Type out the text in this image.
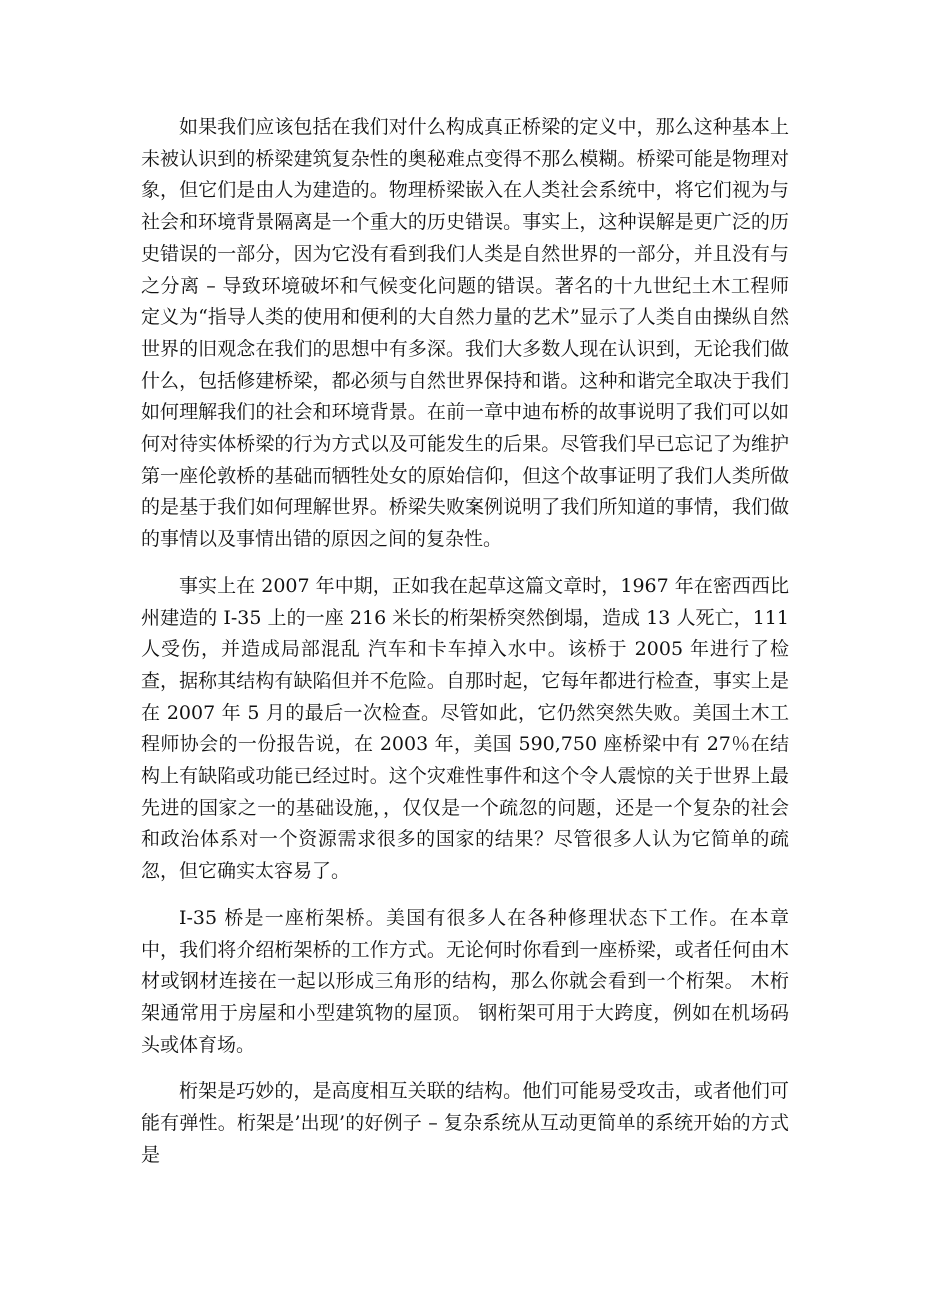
如果我们应该包括在我们对什么构成真正桥梁的定义中，那么这种基本上未被认识到的桥梁建筑复杂性的奥秘难点变得不那么模糊。桥梁可能是物理对象，但它们是由人为建造的。物理桥梁嵌入在人类社会系统中，将它们视为与社会和环境背景隔离是一个重大的历史错误。事实上，这种误解是更广泛的历史错误的一部分，因为它没有看到我们人类是自然世界的一部分，并且没有与之分离 – 导致环境破坏和气候变化问题的错误。著名的十九世纪土木工程师定义为“指导人类的使用和便利的大自然力量的艺术”显示了人类自由操纵自然世界的旧观念在我们的思想中有多深。我们大多数人现在认识到，无论我们做什么，包括修建桥梁，都必须与自然世界保持和谐。这种和谐完全取决于我们如何理解我们的社会和环境背景。在前一章中迪布桥的故事说明了我们可以如何对待实体桥梁的行为方式以及可能发生的后果。尽管我们早已忘记了为维护第一座伦敦桥的基础而牺牲处女的原始信仰，但这个故事证明了我们人类所做的是基于我们如何理解世界。桥梁失败案例说明了我们所知道的事情，我们做的事情以及事情出错的原因之间的复杂性。

事实上在 2007 年中期，正如我在起草这篇文章时，1967 年在密西西比州建造的 I-35 上的一座 216 米长的桁架桥突然倒塌，造成 13 人死亡，111 人受伤，并造成局部混乱 汽车和卡车掉入水中。该桥于 2005 年进行了检查，据称其结构有缺陷但并不危险。自那时起，它每年都进行检查，事实上是在 2007 年 5 月的最后一次检查。尽管如此，它仍然突然失败。美国土木工程师协会的一份报告说，在 2003 年，美国 590,750 座桥梁中有 27％在结构上有缺陷或功能已经过时。这个灾难性事件和这个令人震惊的关于世界上最先进的国家之一的基础设施，，仅仅是一个疏忽的问题，还是一个复杂的社会和政治体系对一个资源需求很多的国家的结果？尽管很多人认为它简单的疏忽，但它确实太容易了。

I-35 桥是一座桁架桥。美国有很多人在各种修理状态下工作。在本章中，我们将介绍桁架桥的工作方式。无论何时你看到一座桥梁，或者任何由木材或钢材连接在一起以形成三角形的结构，那么你就会看到一个桁架。 木桁架通常用于房屋和小型建筑物的屋顶。 钢桁架可用于大跨度，例如在机场码头或体育场。

桁架是巧妙的，是高度相互关联的结构。他们可能易受攻击，或者他们可能有弹性。桁架是’出现’的好例子 – 复杂系统从互动更简单的系统开始的方式是
